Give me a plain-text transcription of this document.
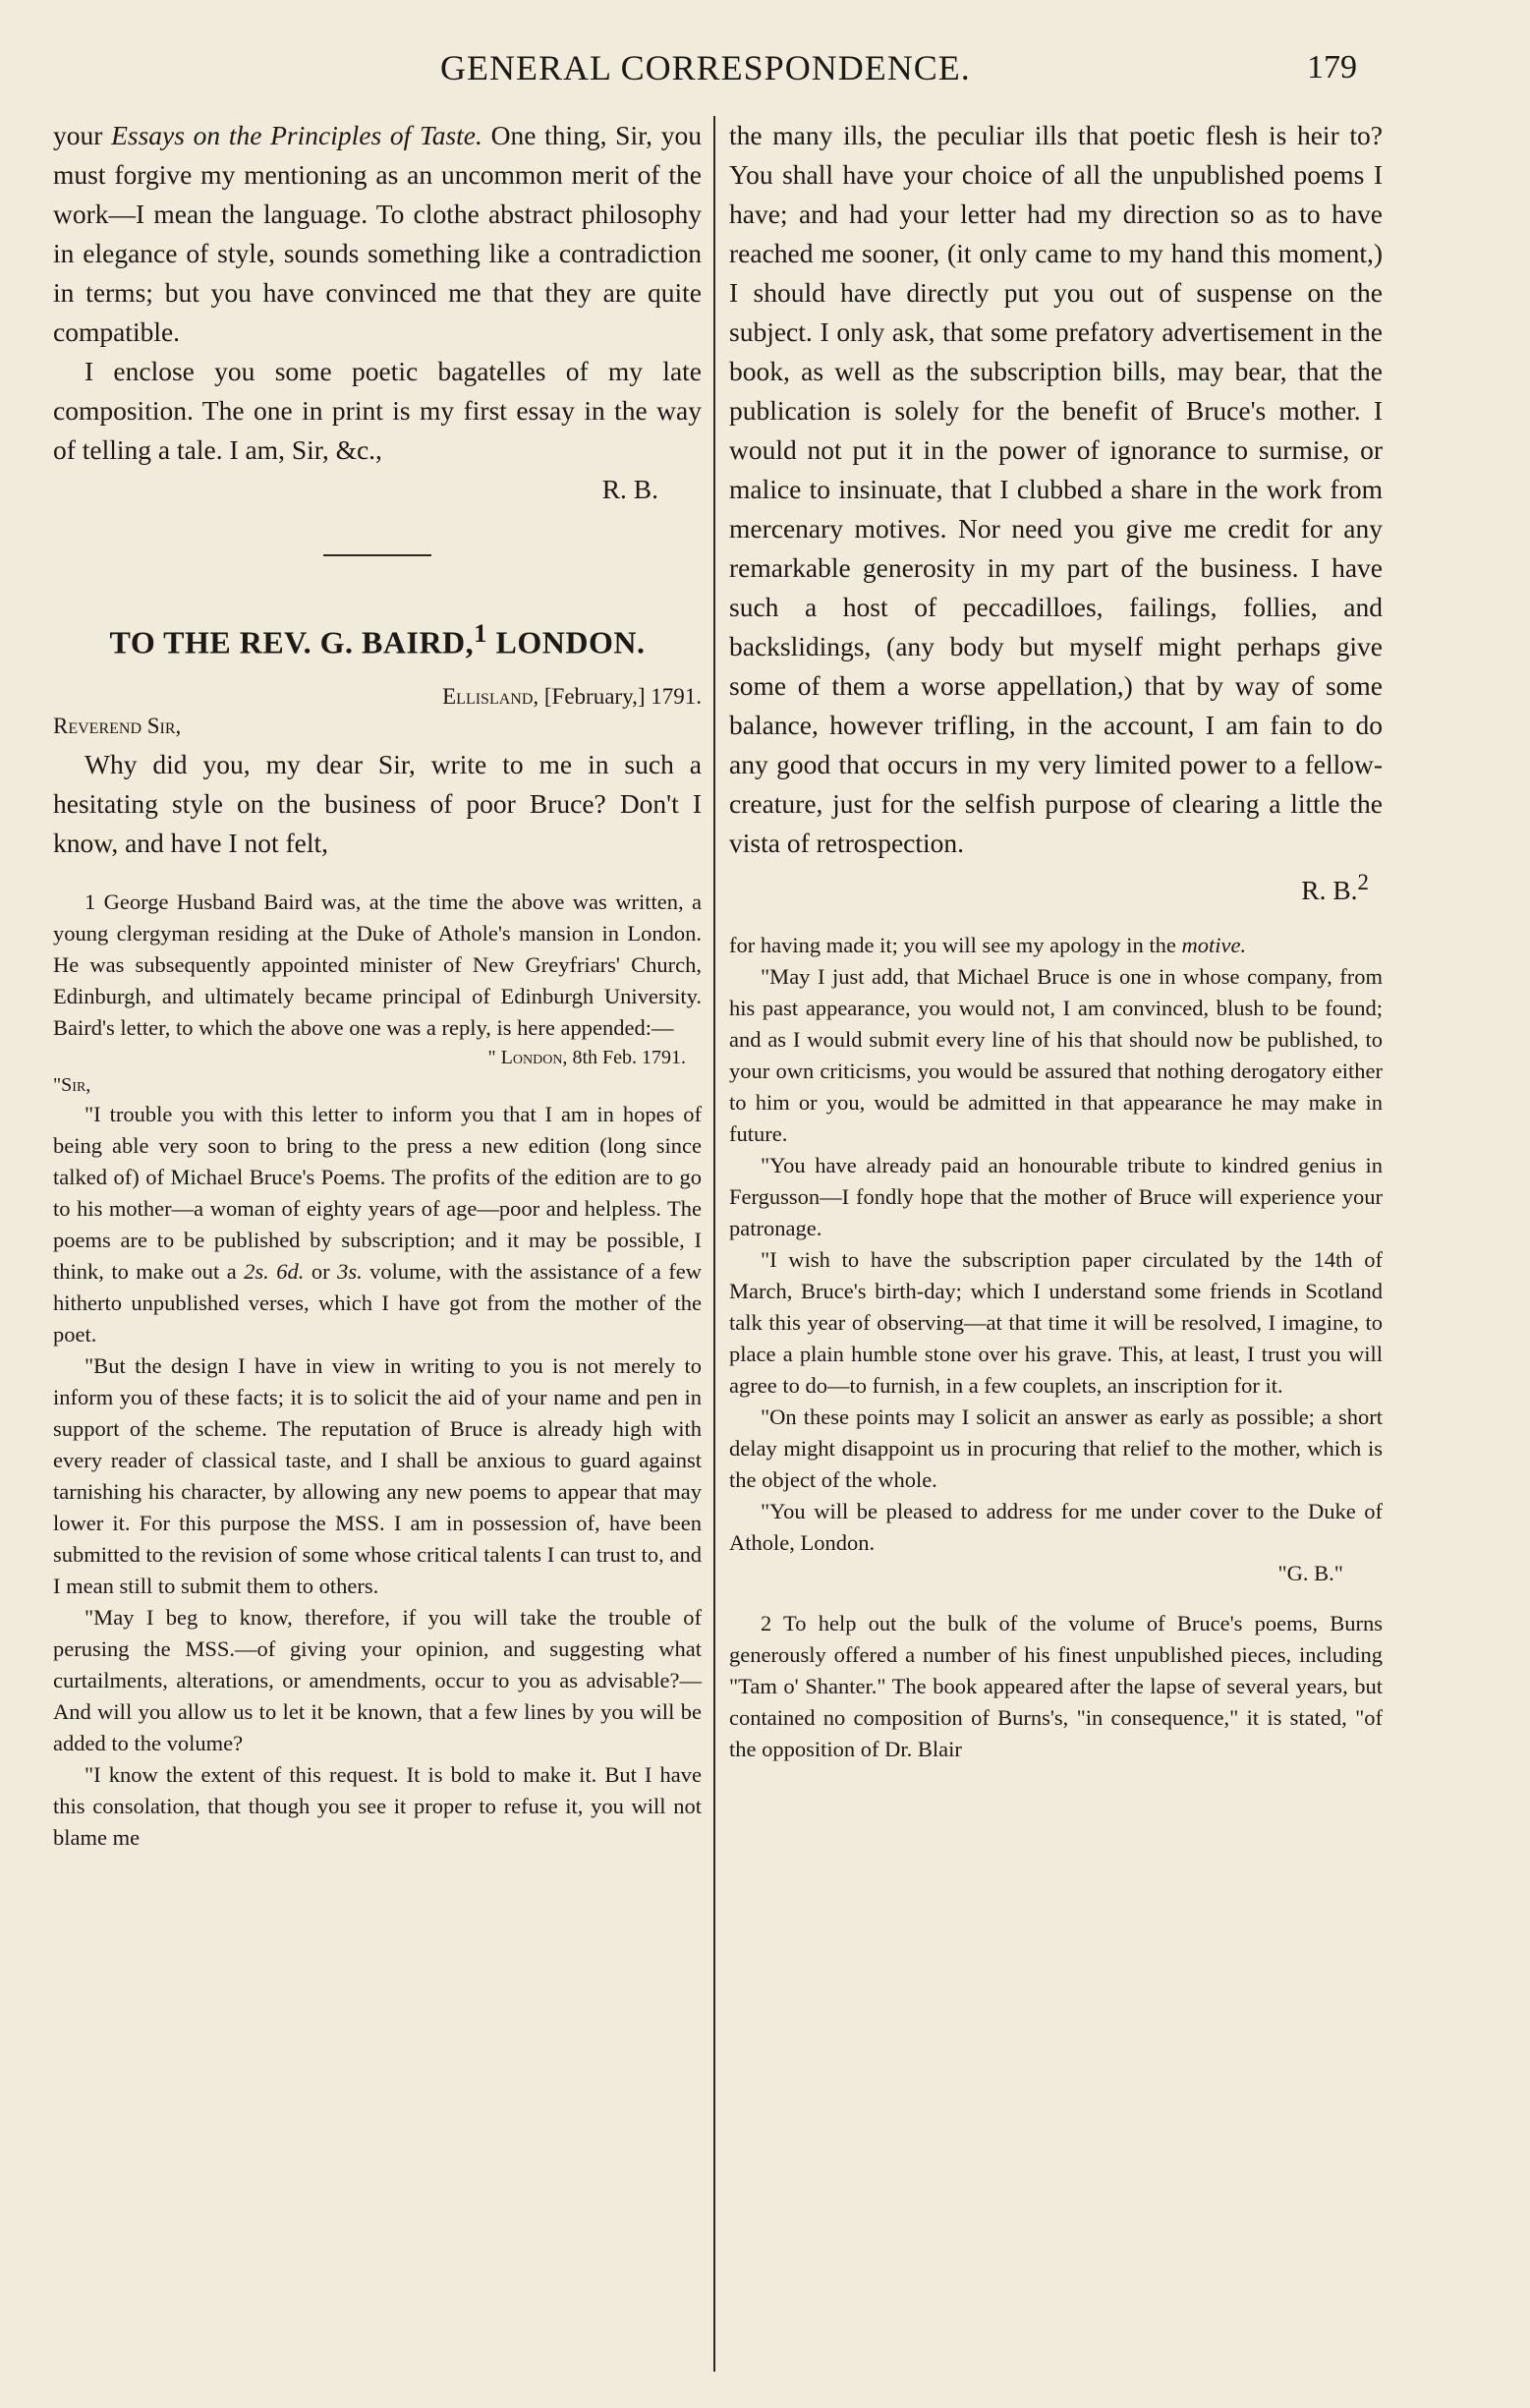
GENERAL CORRESPONDENCE.	179

your Essays on the Principles of Taste. One thing, Sir, you must forgive my mentioning as an uncommon merit of the work—I mean the language. To clothe abstract philosophy in elegance of style, sounds something like a contradiction in terms; but you have convinced me that they are quite compatible.

I enclose you some poetic bagatelles of my late composition. The one in print is my first essay in the way of telling a tale. I am, Sir, &c.,

R. B.

TO THE REV. G. BAIRD,$^1$ LONDON.

Ellisland, [February,] 1791.

Reverend Sir,

Why did you, my dear Sir, write to me in such a hesitating style on the business of poor Bruce? Don't I know, and have I not felt,

1 George Husband Baird was, at the time the above was written, a young clergyman residing at the Duke of Athole's mansion in London. He was subsequently appointed minister of New Greyfriars' Church, Edinburgh, and ultimately became principal of Edinburgh University. Baird's letter, to which the above one was a reply, is here appended:—

" London, 8th Feb. 1791.

"Sir,

"I trouble you with this letter to inform you that I am in hopes of being able very soon to bring to the press a new edition (long since talked of) of Michael Bruce's Poems. The profits of the edition are to go to his mother—a woman of eighty years of age—poor and helpless. The poems are to be published by subscription; and it may be possible, I think, to make out a 2s. 6d. or 3s. volume, with the assistance of a few hitherto unpublished verses, which I have got from the mother of the poet.

"But the design I have in view in writing to you is not merely to inform you of these facts; it is to solicit the aid of your name and pen in support of the scheme. The reputation of Bruce is already high with every reader of classical taste, and I shall be anxious to guard against tarnishing his character, by allowing any new poems to appear that may lower it. For this purpose the MSS. I am in possession of, have been submitted to the revision of some whose critical talents I can trust to, and I mean still to submit them to others.

"May I beg to know, therefore, if you will take the trouble of perusing the MSS.—of giving your opinion, and suggesting what curtailments, alterations, or amendments, occur to you as advisable?—And will you allow us to let it be known, that a few lines by you will be added to the volume?

"I know the extent of this request. It is bold to make it. But I have this consolation, that though you see it proper to refuse it, you will not blame me

the many ills, the peculiar ills that poetic flesh is heir to? You shall have your choice of all the unpublished poems I have; and had your letter had my direction so as to have reached me sooner, (it only came to my hand this moment,) I should have directly put you out of suspense on the subject. I only ask, that some prefatory advertisement in the book, as well as the subscription bills, may bear, that the publication is solely for the benefit of Bruce's mother. I would not put it in the power of ignorance to surmise, or malice to insinuate, that I clubbed a share in the work from mercenary motives. Nor need you give me credit for any remarkable generosity in my part of the business. I have such a host of peccadilloes, failings, follies, and backslidings, (any body but myself might perhaps give some of them a worse appellation,) that by way of some balance, however trifling, in the account, I am fain to do any good that occurs in my very limited power to a fellow-creature, just for the selfish purpose of clearing a little the vista of retrospection.

R. B.$^2$

for having made it; you will see my apology in the motive.

"May I just add, that Michael Bruce is one in whose company, from his past appearance, you would not, I am convinced, blush to be found; and as I would submit every line of his that should now be published, to your own criticisms, you would be assured that nothing derogatory either to him or you, would be admitted in that appearance he may make in future.

"You have already paid an honourable tribute to kindred genius in Fergusson—I fondly hope that the mother of Bruce will experience your patronage.

"I wish to have the subscription paper circulated by the 14th of March, Bruce's birth-day; which I understand some friends in Scotland talk this year of observing—at that time it will be resolved, I imagine, to place a plain humble stone over his grave. This, at least, I trust you will agree to do—to furnish, in a few couplets, an inscription for it.

"On these points may I solicit an answer as early as possible; a short delay might disappoint us in procuring that relief to the mother, which is the object of the whole.

"You will be pleased to address for me under cover to the Duke of Athole, London.

"G. B."

2 To help out the bulk of the volume of Bruce's poems, Burns generously offered a number of his finest unpublished pieces, including "Tam o' Shanter." The book appeared after the lapse of several years, but contained no composition of Burns's, "in consequence," it is stated, "of the opposition of Dr. Blair
